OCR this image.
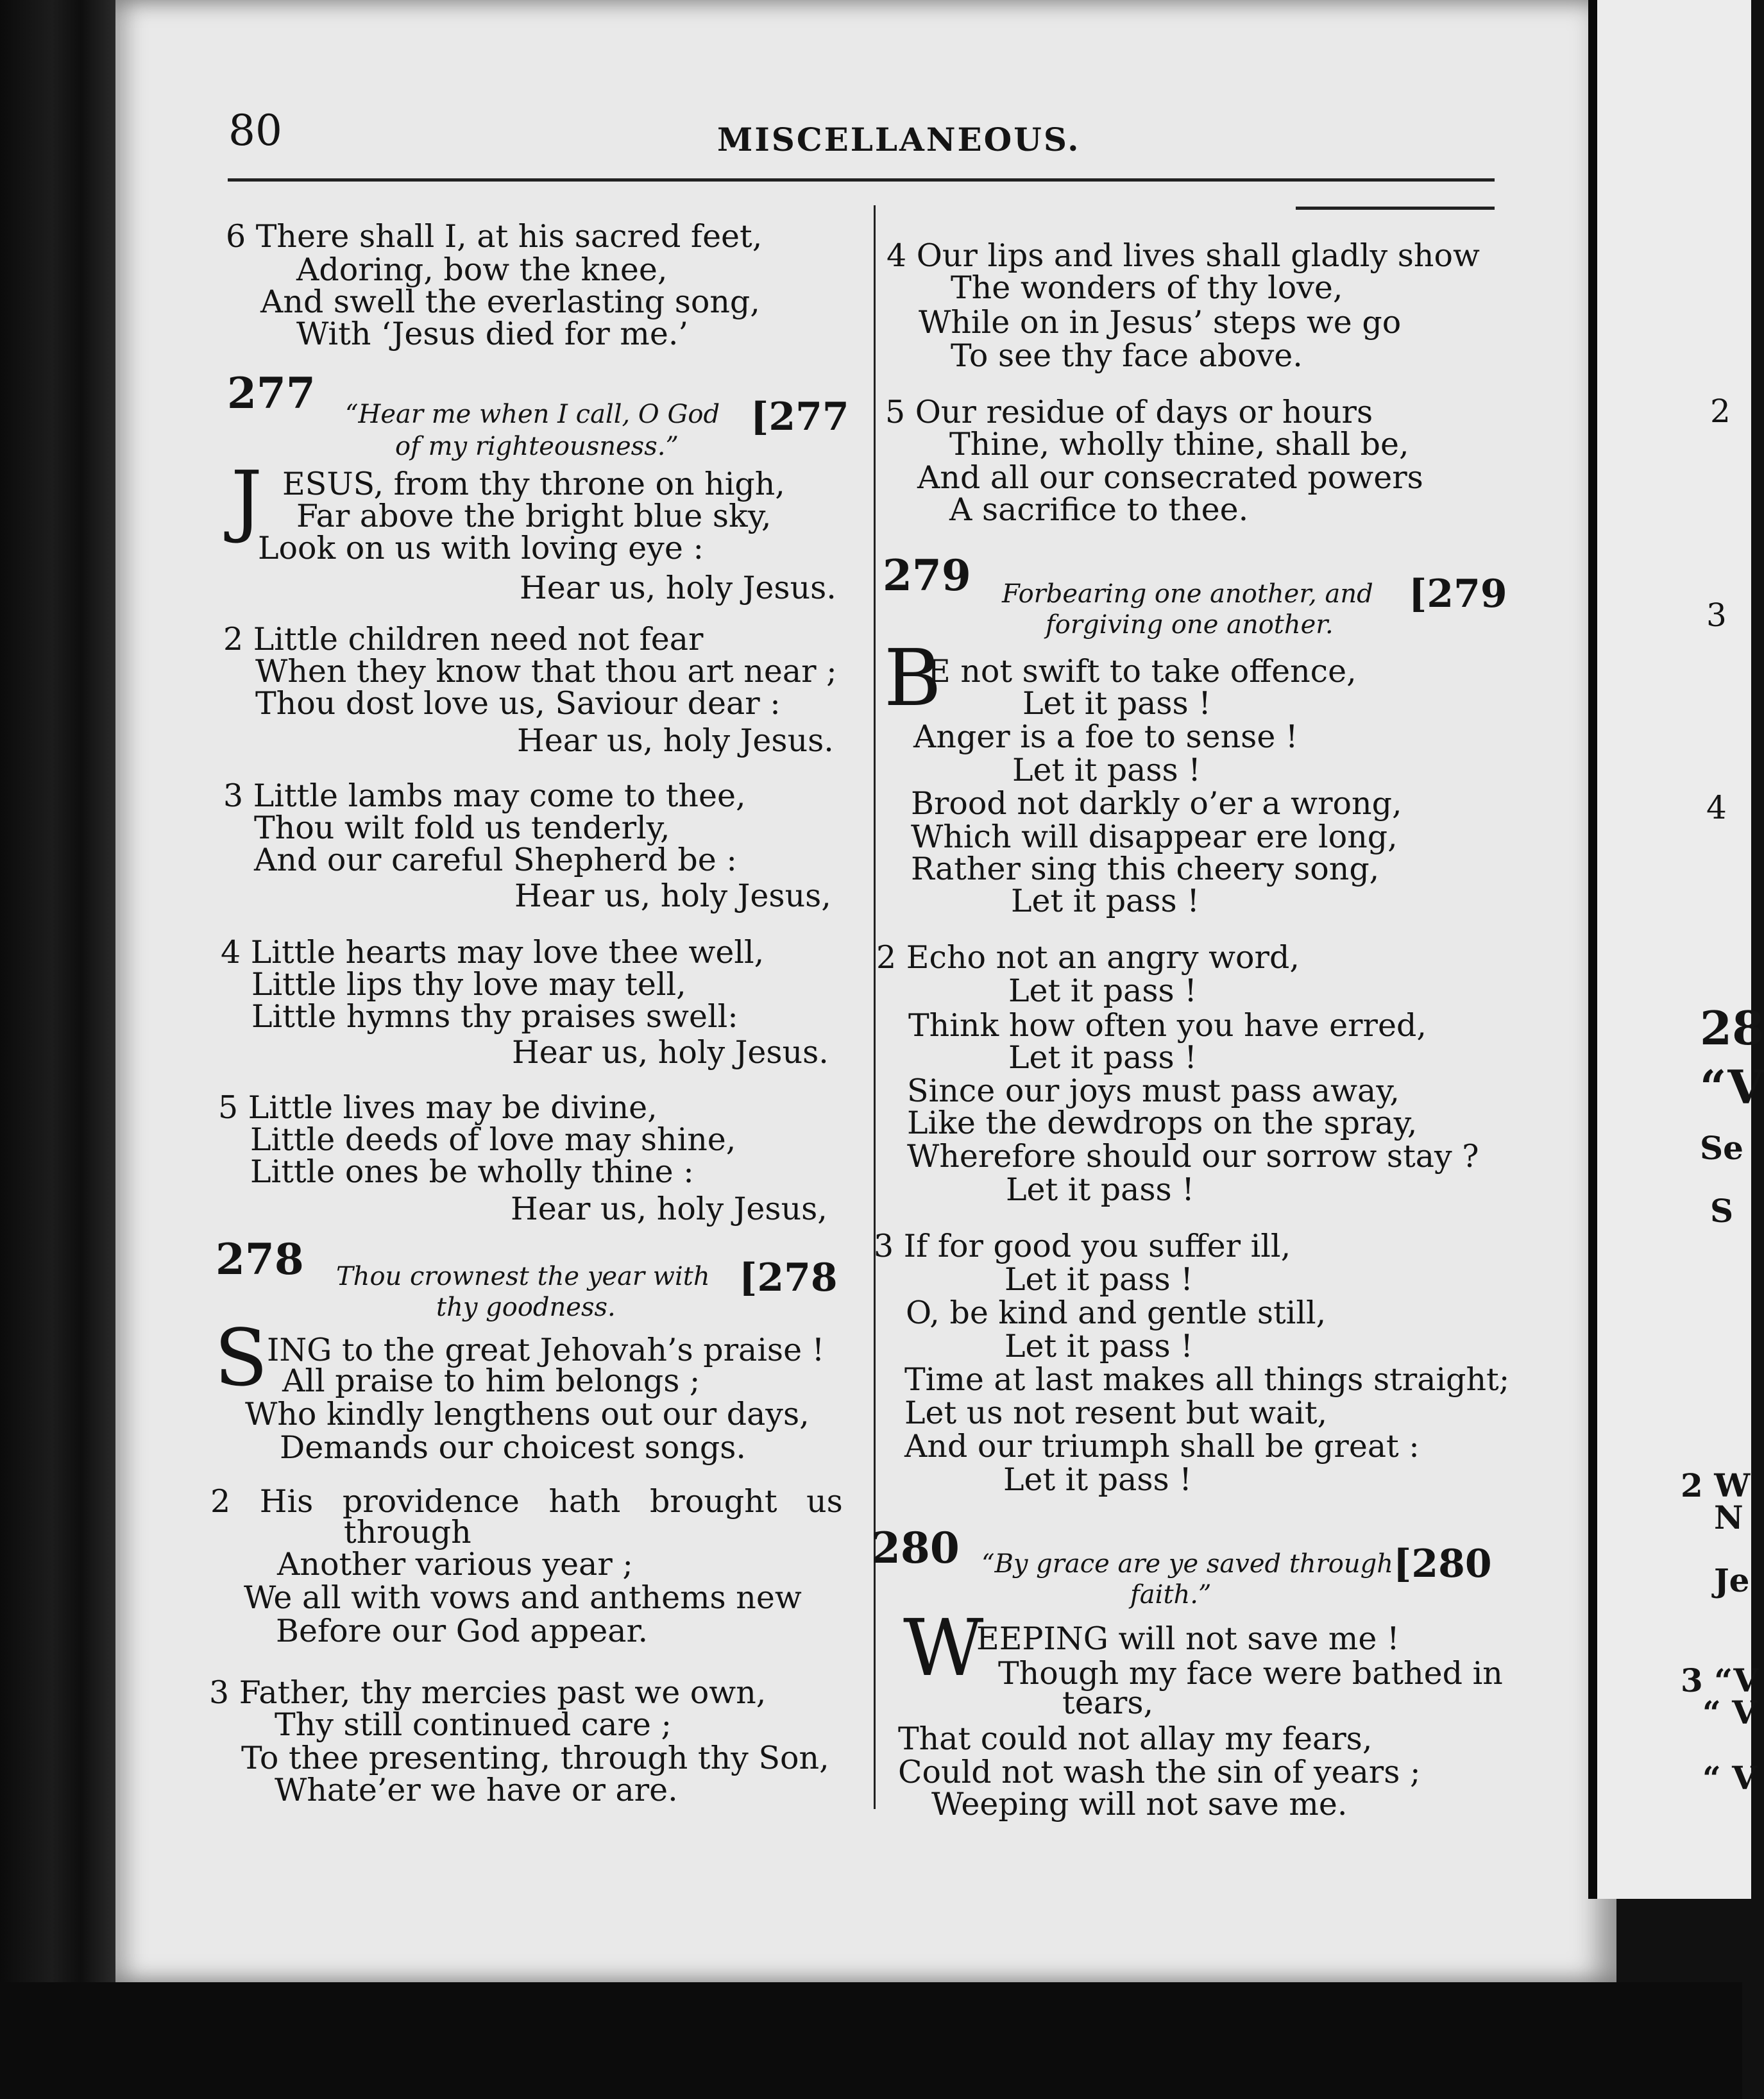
80	MISCELLANEOUS.
6 There shall I, at his sacred feet,
Adoring, bow the knee,
And swell the everlasting song,
With ‘Jesus died for me.’
277 “Hear me when I call, O God [277
of my righteousness.”
J ESUS, from thy throne on high,
Far above the bright blue sky,
Look on us with loving eye :
Hear us, holy Jesus.
2 Little children need not fear
When they know that thou art near ;
Thou dost love us, Saviour dear :
Hear us, holy Jesus.
3 Little lambs may come to thee,
Thou wilt fold us tenderly,
And our careful Shepherd be :
Hear us, holy Jesus,
4 Little hearts may love thee well,
Little lips thy love may tell,
Little hymns thy praises swell:
Hear us, holy Jesus.
5 Little lives may be divine,
Little deeds of love may shine,
Little ones be wholly thine :
Hear us, holy Jesus,
278 Thou crownest the year with [278
thy goodness.
S
ING to the great Jehovah’s praise !
All praise to him belongs ;
Who kindly lengthens out our days,
Demands our choicest songs.
2 His providence hath brought us
through
Another various year ;
We all with vows and anthems new
Before our God appear.
3 Father, thy mercies past we own,
Thy still continued care ;
To thee presenting, through thy Son,
Whate’er we have or are.
4 Our lips and lives shall gladly show
The wonders of thy love,
While on in Jesus’ steps we go
To see thy face above.
5 Our residue of days or hours
Thine, wholly thine, shall be,
And all our consecrated powers
A sacrifice to thee.
279 Forbearing one another, and [279
forgiving one another.
B
E not swift to take offence,
Let it pass !
Anger is a foe to sense !
Let it pass !
Brood not darkly o’er a wrong,
Which will disappear ere long,
Rather sing this cheery song,
Let it pass !
2 Echo not an angry word,
Let it pass !
Think how often you have erred,
Let it pass !
Since our joys must pass away,
Like the dewdrops on the spray,
Wherefore should our sorrow stay ?
Let it pass !
3 If for good you suffer ill,
Let it pass !
O, be kind and gentle still,
Let it pass !
Time at last makes all things straight;
Let us not resent but wait,
And our triumph shall be great :
Let it pass !
280 “By grace are ye saved through [280
faith.”
W
EEPING will not save me !
Though my face were bathed in
tears,
That could not allay my fears,
Could not wash the sin of years ;
Weeping will not save me.
2
3
4
28
“V
Se
S
2 W
N
Je
3 “V
“ V
“ V
